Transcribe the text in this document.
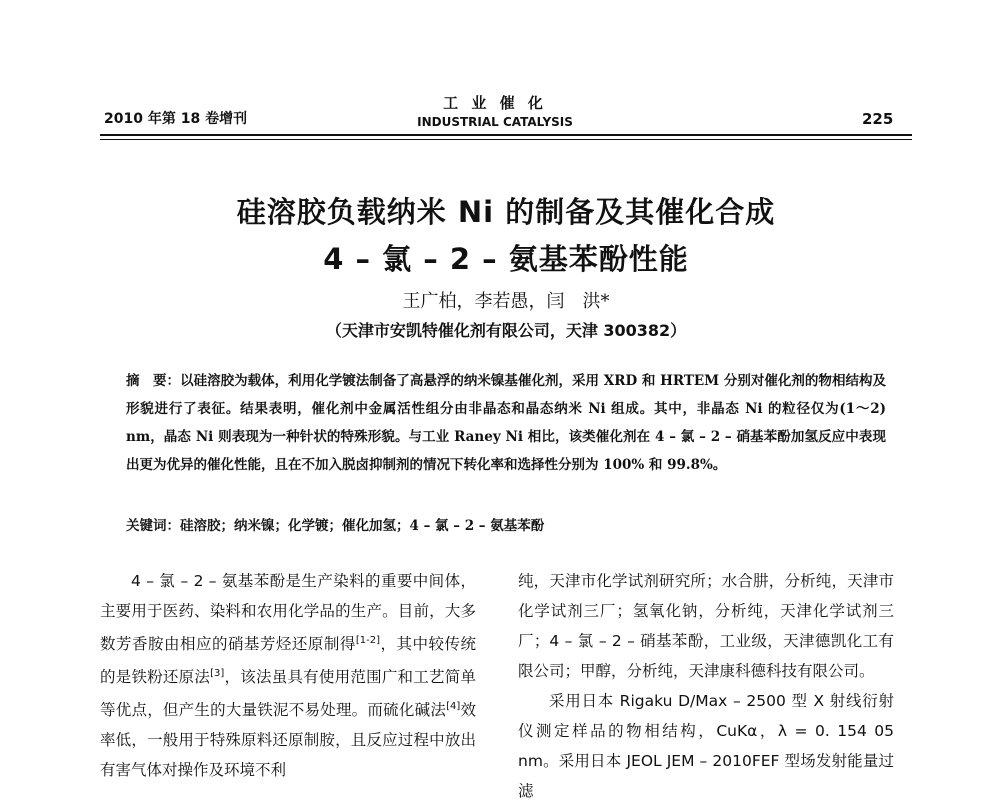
2010 年第 18 卷增刊
工 业 催 化
INDUSTRIAL CATALYSIS	225
硅溶胶负载纳米 Ni 的制备及其催化合成
4 – 氯 – 2 – 氨基苯酚性能
王广柏，李若愚，闫　洪*
（天津市安凯特催化剂有限公司，天津 300382）
摘　要：以硅溶胶为载体，利用化学镀法制备了高悬浮的纳米镍基催化剂，采用 XRD 和 HRTEM 分别对催化剂的物相结构及形貌进行了表征。结果表明，催化剂中金属活性组分由非晶态和晶态纳米 Ni 组成。其中，非晶态 Ni 的粒径仅为(1～2) nm，晶态 Ni 则表现为一种针状的特殊形貌。与工业 Raney Ni 相比，该类催化剂在 4 – 氯 – 2 – 硝基苯酚加氢反应中表现出更为优异的催化性能，且在不加入脱卤抑制剂的情况下转化率和选择性分别为 100% 和 99.8%。
关键词：硅溶胶；纳米镍；化学镀；催化加氢；4 – 氯 – 2 – 氨基苯酚

4 – 氯 – 2 – 氨基苯酚是生产染料的重要中间体，主要用于医药、染料和农用化学品的生产。目前，大多数芳香胺由相应的硝基芳烃还原制得[1-2]，其中较传统的是铁粉还原法[3]，该法虽具有使用范围广和工艺简单等优点，但产生的大量铁泥不易处理。而硫化碱法[4]效率低，一般用于特殊原料还原制胺，且反应过程中放出有害气体对操作及环境不利

纯，天津市化学试剂研究所；水合肼，分析纯，天津市化学试剂三厂；氢氧化钠，分析纯，天津化学试剂三厂；4 – 氯 – 2 – 硝基苯酚，工业级，天津德凯化工有限公司；甲醇，分析纯，天津康科德科技有限公司。

采用日本 Rigaku D/Max – 2500 型 X 射线衍射仪测定样品的物相结构，CuKα，λ = 0. 154 05 nm。采用日本 JEOL JEM – 2010FEF 型场发射能量过滤
